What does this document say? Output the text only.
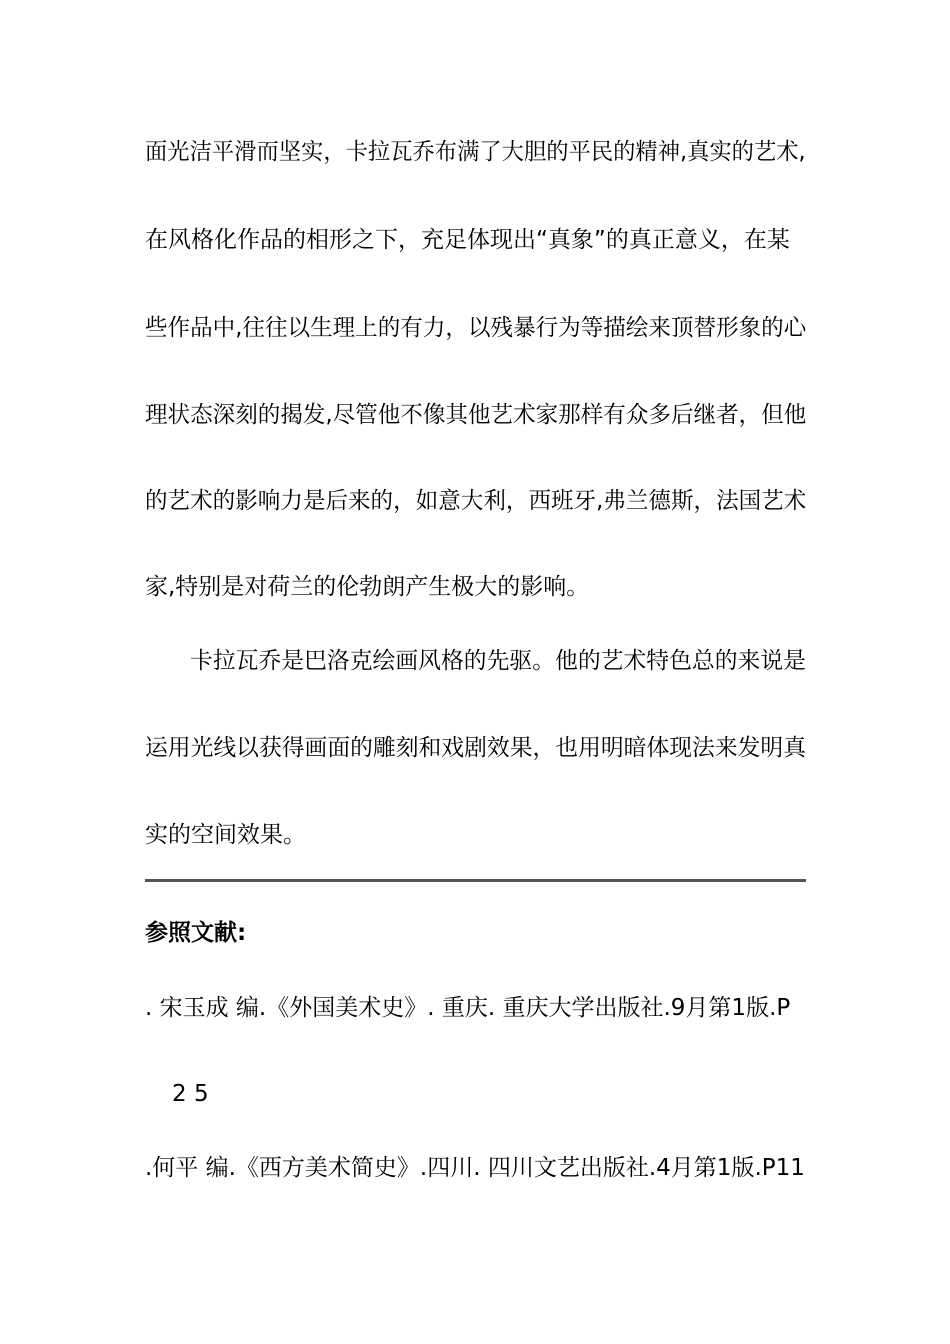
面光洁平滑而坚实，卡拉瓦乔布满了大胆的平民的精神,真实的艺术,
在风格化作品的相形之下，充足体现出“真象”的真正意义，在某
些作品中,往往以生理上的有力，以残暴行为等描绘来顶替形象的心
理状态深刻的揭发,尽管他不像其他艺术家那样有众多后继者，但他
的艺术的影响力是后来的，如意大利，西班牙,弗兰德斯，法国艺术
家,特别是对荷兰的伦勃朗产生极大的影响。
卡拉瓦乔是巴洛克绘画风格的先驱。他的艺术特色总的来说是
运用光线以获得画面的雕刻和戏剧效果，也用明暗体现法来发明真
实的空间效果。
参照文献:
. 宋玉成 编.《外国美术史》. 重庆. 重庆大学出版社.9月第1版.P
2 5
.何平 编.《西方美术简史》.四川. 四川文艺出版社.4月第1版.P11
